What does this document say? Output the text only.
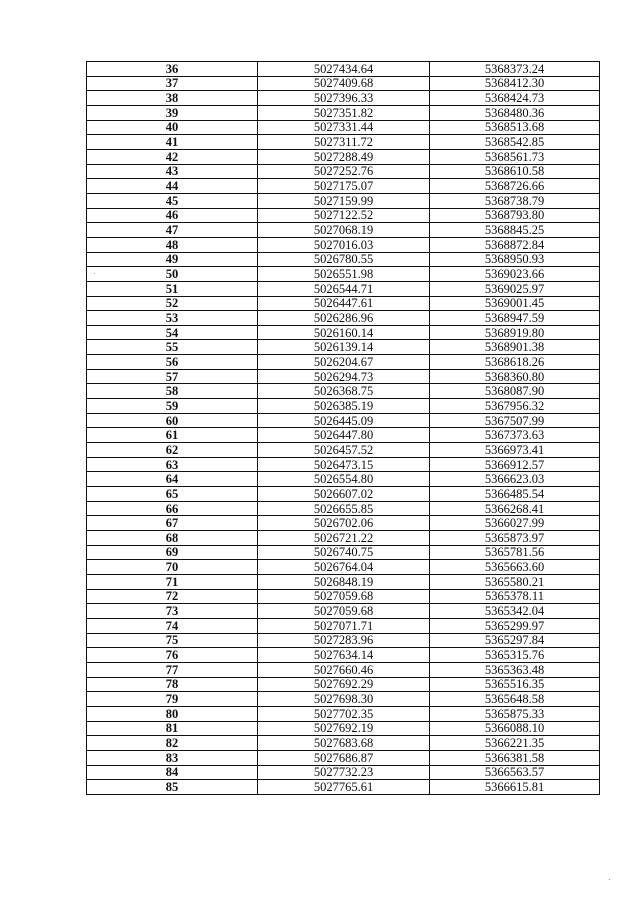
36	5027434.64	5368373.24
37	5027409.68	5368412.30
38	5027396.33	5368424.73
39	5027351.82	5368480.36
40	5027331.44	5368513.68
41	5027311.72	5368542.85
42	5027288.49	5368561.73
43	5027252.76	5368610.58
44	5027175.07	5368726.66
45	5027159.99	5368738.79
46	5027122.52	5368793.80
47	5027068.19	5368845.25
48	5027016.03	5368872.84
49	5026780.55	5368950.93
50	5026551.98	5369023.66
51	5026544.71	5369025.97
52	5026447.61	5369001.45
53	5026286.96	5368947.59
54	5026160.14	5368919.80
55	5026139.14	5368901.38
56	5026204.67	5368618.26
57	5026294.73	5368360.80
58	5026368.75	5368087.90
59	5026385.19	5367956.32
60	5026445.09	5367507.99
61	5026447.80	5367373.63
62	5026457.52	5366973.41
63	5026473.15	5366912.57
64	5026554.80	5366623.03
65	5026607.02	5366485.54
66	5026655.85	5366268.41
67	5026702.06	5366027.99
68	5026721.22	5365873.97
69	5026740.75	5365781.56
70	5026764.04	5365663.60
71	5026848.19	5365580.21
72	5027059.68	5365378.11
73	5027059.68	5365342.04
74	5027071.71	5365299.97
75	5027283.96	5365297.84
76	5027634.14	5365315.76
77	5027660.46	5365363.48
78	5027692.29	5365516.35
79	5027698.30	5365648.58
80	5027702.35	5365875.33
81	5027692.19	5366088.10
82	5027683.68	5366221.35
83	5027686.87	5366381.58
84	5027732.23	5366563.57
85	5027765.61	5366615.81
